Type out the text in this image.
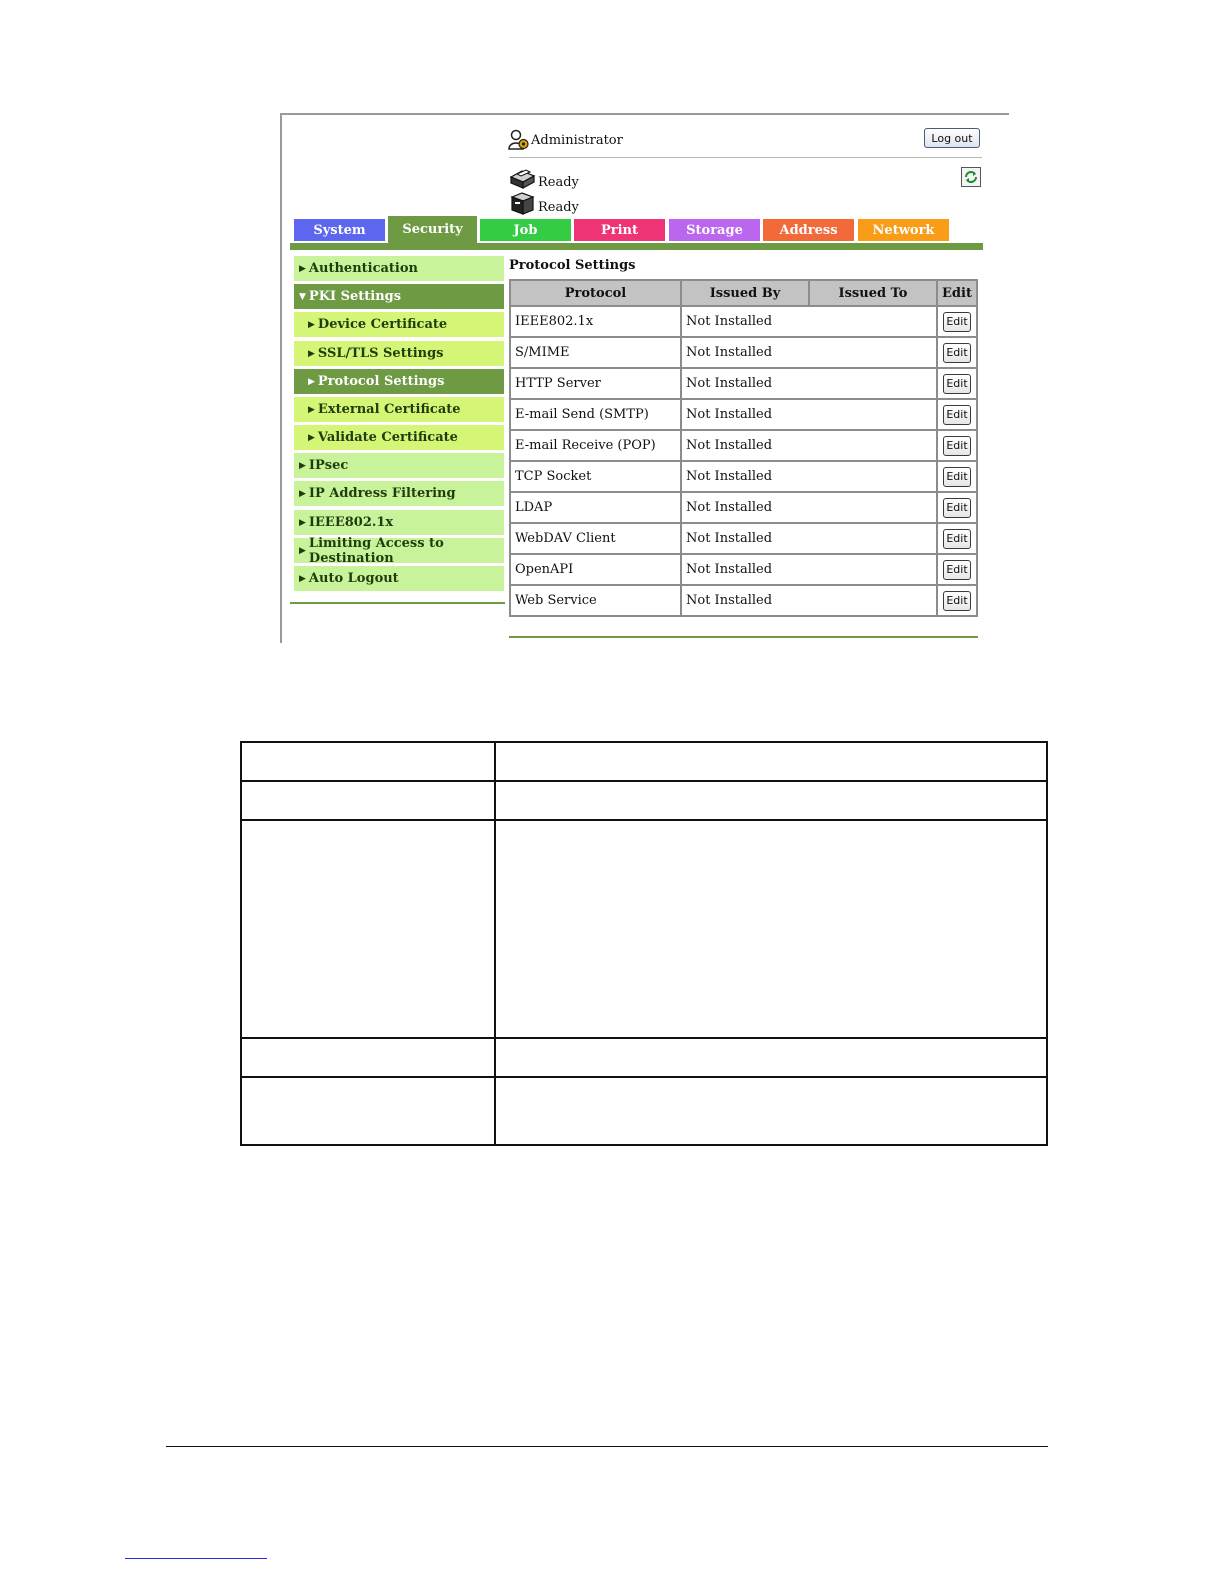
Administrator	Log out
Ready
Ready
System	Security	Job	Print	Storage	Address	Network
▶ Authentication
▼ PKI Settings
▶ Device Certificate
▶ SSL/TLS Settings
▶ Protocol Settings
▶ External Certificate
▶ Validate Certificate
▶ IPsec
▶ IP Address Filtering
▶ IEEE802.1x
▶ Limiting Access to Destination
▶ Auto Logout
Protocol Settings
Protocol	Issued By	Issued To	Edit
IEEE802.1x	Not Installed		Edit
S/MIME	Not Installed		Edit
HTTP Server	Not Installed		Edit
E-mail Send (SMTP)	Not Installed		Edit
E-mail Receive (POP)	Not Installed		Edit
TCP Socket	Not Installed		Edit
LDAP	Not Installed		Edit
WebDAV Client	Not Installed		Edit
OpenAPI	Not Installed		Edit
Web Service	Not Installed		Edit
